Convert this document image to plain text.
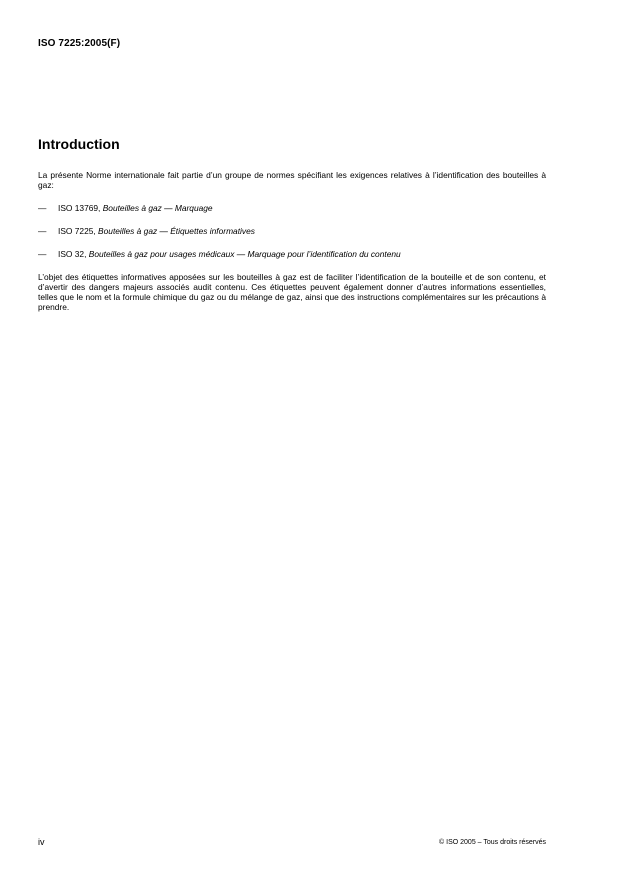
ISO 7225:2005(F)
Introduction

La présente Norme internationale fait partie d’un groupe de normes spécifiant les exigences relatives à l’identification des bouteilles à gaz:

—	ISO 13769, Bouteilles à gaz — Marquage
—	ISO 7225, Bouteilles à gaz — Étiquettes informatives
—	ISO 32, Bouteilles à gaz pour usages médicaux — Marquage pour l’identification du contenu

L’objet des étiquettes informatives apposées sur les bouteilles à gaz est de faciliter l’identification de la bouteille et de son contenu, et d’avertir des dangers majeurs associés audit contenu. Ces étiquettes peuvent également donner d’autres informations essentielles, telles que le nom et la formule chimique du gaz ou du mélange de gaz, ainsi que des instructions complémentaires sur les précautions à prendre.

iv	© ISO 2005 – Tous droits réservés
